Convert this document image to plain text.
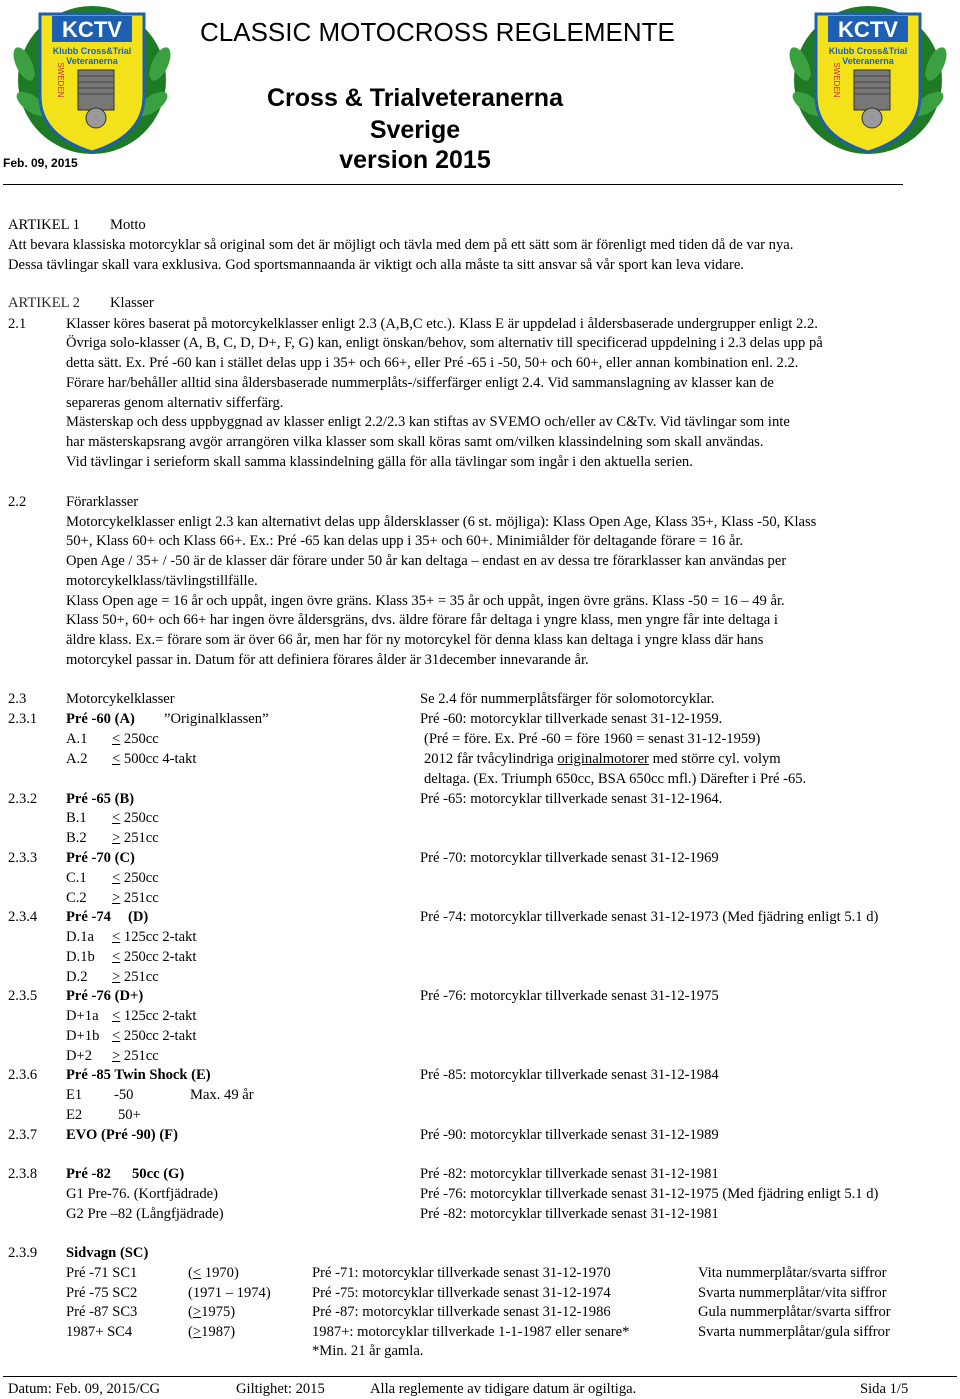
KCTV
Klubb Cross&Trial
Veteranerna
SWEDEN
KCTV
Klubb Cross&Trial
Veteranerna
SWEDEN
CLASSIC MOTOCROSS REGLEMENTE
Cross & Trialveteranerna
Sverige
version 2015
Feb. 09, 2015
ARTIKEL 1 Motto
Att bevara klassiska motorcyklar så original som det är möjligt och tävla med dem på ett sätt som är förenligt med tiden då de var nya.
Dessa tävlingar skall vara exklusiva. God sportsmannaanda är viktigt och alla måste ta sitt ansvar så vår sport kan leva vidare.
ARTIKEL 2 Klasser
2.1	Klasser köres baserat på motorcykelklasser enligt 2.3 (A,B,C etc.). Klass E är uppdelad i åldersbaserade undergrupper enligt 2.2.
Övriga solo-klasser (A, B, C, D, D+, F, G) kan, enligt önskan/behov, som alternativ till specificerad uppdelning i 2.3 delas upp på
detta sätt. Ex. Pré -60 kan i stället delas upp i 35+ och 66+, eller Pré -65 i -50, 50+ och 60+, eller annan kombination enl. 2.2.
Förare har/behåller alltid sina åldersbaserade nummerplåts-/sifferfärger enligt 2.4. Vid sammanslagning av klasser kan de
separeras genom alternativ sifferfärg.
Mästerskap och dess uppbyggnad av klasser enligt 2.2/2.3 kan stiftas av SVEMO och/eller av C&Tv. Vid tävlingar som inte
har mästerskapsrang avgör arrangören vilka klasser som skall köras samt om/vilken klassindelning som skall användas.
Vid tävlingar i serieform skall samma klassindelning gälla för alla tävlingar som ingår i den aktuella serien.
2.2	Förarklasser
Motorcykelklasser enligt 2.3 kan alternativt delas upp åldersklasser (6 st. möjliga): Klass Open Age, Klass 35+, Klass -50, Klass
50+, Klass 60+ och Klass 66+. Ex.: Pré -65 kan delas upp i 35+ och 60+. Minimiålder för deltagande förare = 16 år.
Open Age / 35+ / -50 är de klasser där förare under 50 år kan deltaga – endast en av dessa tre förarklasser kan användas per
motorcykelklass/tävlingstillfälle.
Klass Open age = 16 år och uppåt, ingen övre gräns. Klass 35+ = 35 år och uppåt, ingen övre gräns. Klass -50 = 16 – 49 år.
Klass 50+, 60+ och 66+ har ingen övre åldersgräns, dvs. äldre förare får deltaga i yngre klass, men yngre får inte deltaga i
äldre klass. Ex.= förare som är över 66 år, men har för ny motorcykel för denna klass kan deltaga i yngre klass där hans
motorcykel passar in. Datum för att definiera förares ålder är 31december innevarande år.
2.3	Motorcykelklasser	Se 2.4 för nummerplåtsfärger för solomotorcyklar.
2.3.1 Pré -60 (A) ”Originalklassen”	Pré -60: motorcyklar tillverkade senast 31-12-1959.
A.1 < 250cc	(Pré = före. Ex. Pré -60 = före 1960 = senast 31-12-1959)
A.2 < 500cc 4-takt	2012 får tvåcylindriga originalmotorer med större cyl. volym
deltaga. (Ex. Triumph 650cc, BSA 650cc mfl.) Därefter i Pré -65.
2.3.2 Pré -65 (B)	Pré -65: motorcyklar tillverkade senast 31-12-1964.
B.1 < 250cc
B.2 > 251cc
2.3.3 Pré -70 (C)	Pré -70: motorcyklar tillverkade senast 31-12-1969
C.1 < 250cc
C.2 > 251cc
2.3.4 Pré -74 (D)	Pré -74: motorcyklar tillverkade senast 31-12-1973 (Med fjädring enligt 5.1 d)
D.1a < 125cc 2-takt
D.1b < 250cc 2-takt
D.2 > 251cc
2.3.5 Pré -76 (D+)	Pré -76: motorcyklar tillverkade senast 31-12-1975
D+1a < 125cc 2-takt
D+1b < 250cc 2-takt
D+2 > 251cc
2.3.6 Pré -85 Twin Shock (E)	Pré -85: motorcyklar tillverkade senast 31-12-1984
E1 -50	Max. 49 år
E2 50+
2.3.7 EVO (Pré -90) (F)	Pré -90: motorcyklar tillverkade senast 31-12-1989
2.3.8 Pré -82 50cc (G)	Pré -82: motorcyklar tillverkade senast 31-12-1981
G1 Pre-76. (Kortfjädrade)	Pré -76: motorcyklar tillverkade senast 31-12-1975 (Med fjädring enligt 5.1 d)
G2 Pre –82 (Långfjädrade)	Pré -82: motorcyklar tillverkade senast 31-12-1981
2.3.9 Sidvagn (SC)
Pré -71 SC1	(< 1970)	Pré -71: motorcyklar tillverkade senast 31-12-1970	Vita nummerplåtar/svarta siffror
Pré -75 SC2	(1971 – 1974)	Pré -75: motorcyklar tillverkade senast 31-12-1974	Svarta nummerplåtar/vita siffror
Pré -87 SC3	(>1975)	Pré -87: motorcyklar tillverkade senast 31-12-1986	Gula nummerplåtar/svarta siffror
1987+ SC4	(>1987)	1987+: motorcyklar tillverkade 1-1-1987 eller senare*	Svarta nummerplåtar/gula siffror
*Min. 21 år gamla.
Datum: Feb. 09, 2015/CG	Giltighet: 2015	Alla reglemente av tidigare datum är ogiltiga.	Sida 1/5
